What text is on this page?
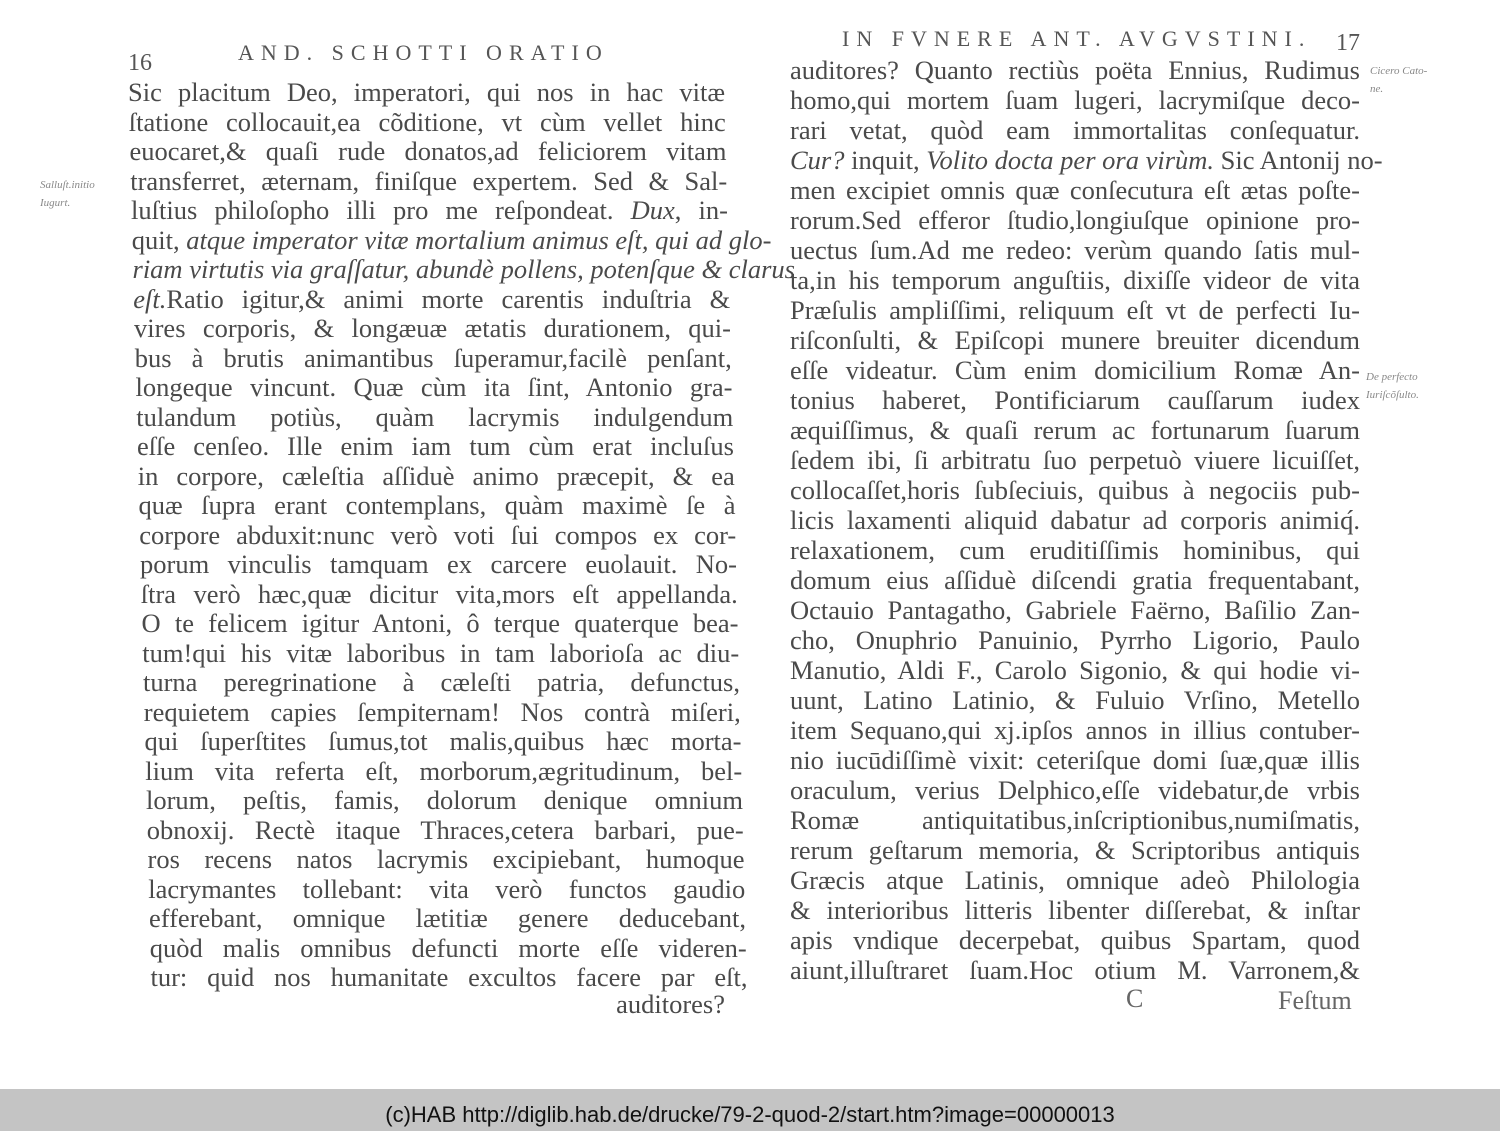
16	AND. SCHOTTI ORATIO
Salluſt.initio
Iugurt.
Sic placitum Deo, imperatori, qui nos in hac vitæ
ſtatione collocauit,ea cõditione, vt cùm vellet hinc
euocaret,& quaſi rude donatos,ad feliciorem vitam
transferret, æternam, finiſque expertem. Sed & Sal-
luſtius philoſopho illi pro me reſpondeat. Dux, in-
quit, atque imperator vitæ mortalium animus eſt, qui ad glo-
riam virtutis via graſſatur, abundè pollens, potenſque & clarus
eſt.Ratio igitur,& animi morte carentis induſtria &
vires corporis, & longæuæ ætatis durationem, qui-
bus à brutis animantibus ſuperamur,facilè penſant,
longeque vincunt. Quæ cùm ita ſint, Antonio gra-
tulandum potiùs, quàm lacrymis indulgendum
eſſe cenſeo. Ille enim iam tum cùm erat incluſus
in corpore, cæleſtia aſſiduè animo præcepit, & ea
quæ ſupra erant contemplans, quàm maximè ſe à
corpore abduxit:nunc verò voti ſui compos ex cor-
porum vinculis tamquam ex carcere euolauit. No-
ſtra verò hæc,quæ dicitur vita,mors eſt appellanda.
O te felicem igitur Antoni, ô terque quaterque bea-
tum!qui his vitæ laboribus in tam laborioſa ac diu-
turna peregrinatione à cæleſti patria, defunctus,
requietem capies ſempiternam! Nos contrà miſeri,
qui ſuperſtites ſumus,tot malis,quibus hæc morta-
lium vita referta eſt, morborum,ægritudinum, bel-
lorum, peſtis, famis, dolorum denique omnium
obnoxij. Rectè itaque Thraces,cetera barbari, pue-
ros recens natos lacrymis excipiebant, humoque
lacrymantes tollebant: vita verò functos gaudio
efferebant, omnique lætitiæ genere deducebant,
quòd malis omnibus defuncti morte eſſe videren-
tur: quid nos humanitate excultos facere par eſt,
auditores?
IN FVNERE ANT. AVGVSTINI. 17
Cicero Cato-
ne.
De perfecto
Iuriſcõſulto.
auditores? Quanto rectiùs poëta Ennius, Rudimus
homo,qui mortem ſuam lugeri, lacrymiſque deco-
rari vetat, quòd eam immortalitas conſequatur.
Cur? inquit, Volito docta per ora virùm. Sic Antonij no-
men excipiet omnis quæ conſecutura eſt ætas poſte-
rorum.Sed efferor ſtudio,longiuſque opinione pro-
uectus ſum.Ad me redeo: verùm quando ſatis mul-
ta,in his temporum anguſtiis, dixiſſe videor de vita
Præſulis ampliſſimi, reliquum eſt vt de perfecti Iu-
riſconſulti, & Epiſcopi munere breuiter dicendum
eſſe videatur. Cùm enim domicilium Romæ An-
tonius haberet, Pontificiarum cauſſarum iudex
æquiſſimus, & quaſi rerum ac fortunarum ſuarum
ſedem ibi, ſi arbitratu ſuo perpetuò viuere licuiſſet,
collocaſſet,horis ſubſeciuis, quibus à negociis pub-
licis laxamenti aliquid dabatur ad corporis animiq́.
relaxationem, cum eruditiſſimis hominibus, qui
domum eius aſſiduè diſcendi gratia frequentabant,
Octauio Pantagatho, Gabriele Faërno, Baſilio Zan-
cho, Onuphrio Panuinio, Pyrrho Ligorio, Paulo
Manutio, Aldi F., Carolo Sigonio, & qui hodie vi-
uunt, Latino Latinio, & Fuluio Vrſino, Metello
item Sequano,qui xj.ipſos annos in illius contuber-
nio iucūdiſſimè vixit: ceteriſque domi ſuæ,quæ illis
oraculum, verius Delphico,eſſe videbatur,de vrbis
Romæ antiquitatibus,inſcriptionibus,numiſmatis,
rerum geſtarum memoria, & Scriptoribus antiquis
Græcis atque Latinis, omnique adeò Philologia
& interioribus litteris libenter diſſerebat, & inſtar
apis vndique decerpebat, quibus Spartam, quod
aiunt,illuſtraret ſuam.Hoc otium M. Varronem,&
C	Feſtum
(c)HAB http://diglib.hab.de/drucke/79-2-quod-2/start.htm?image=00000013
